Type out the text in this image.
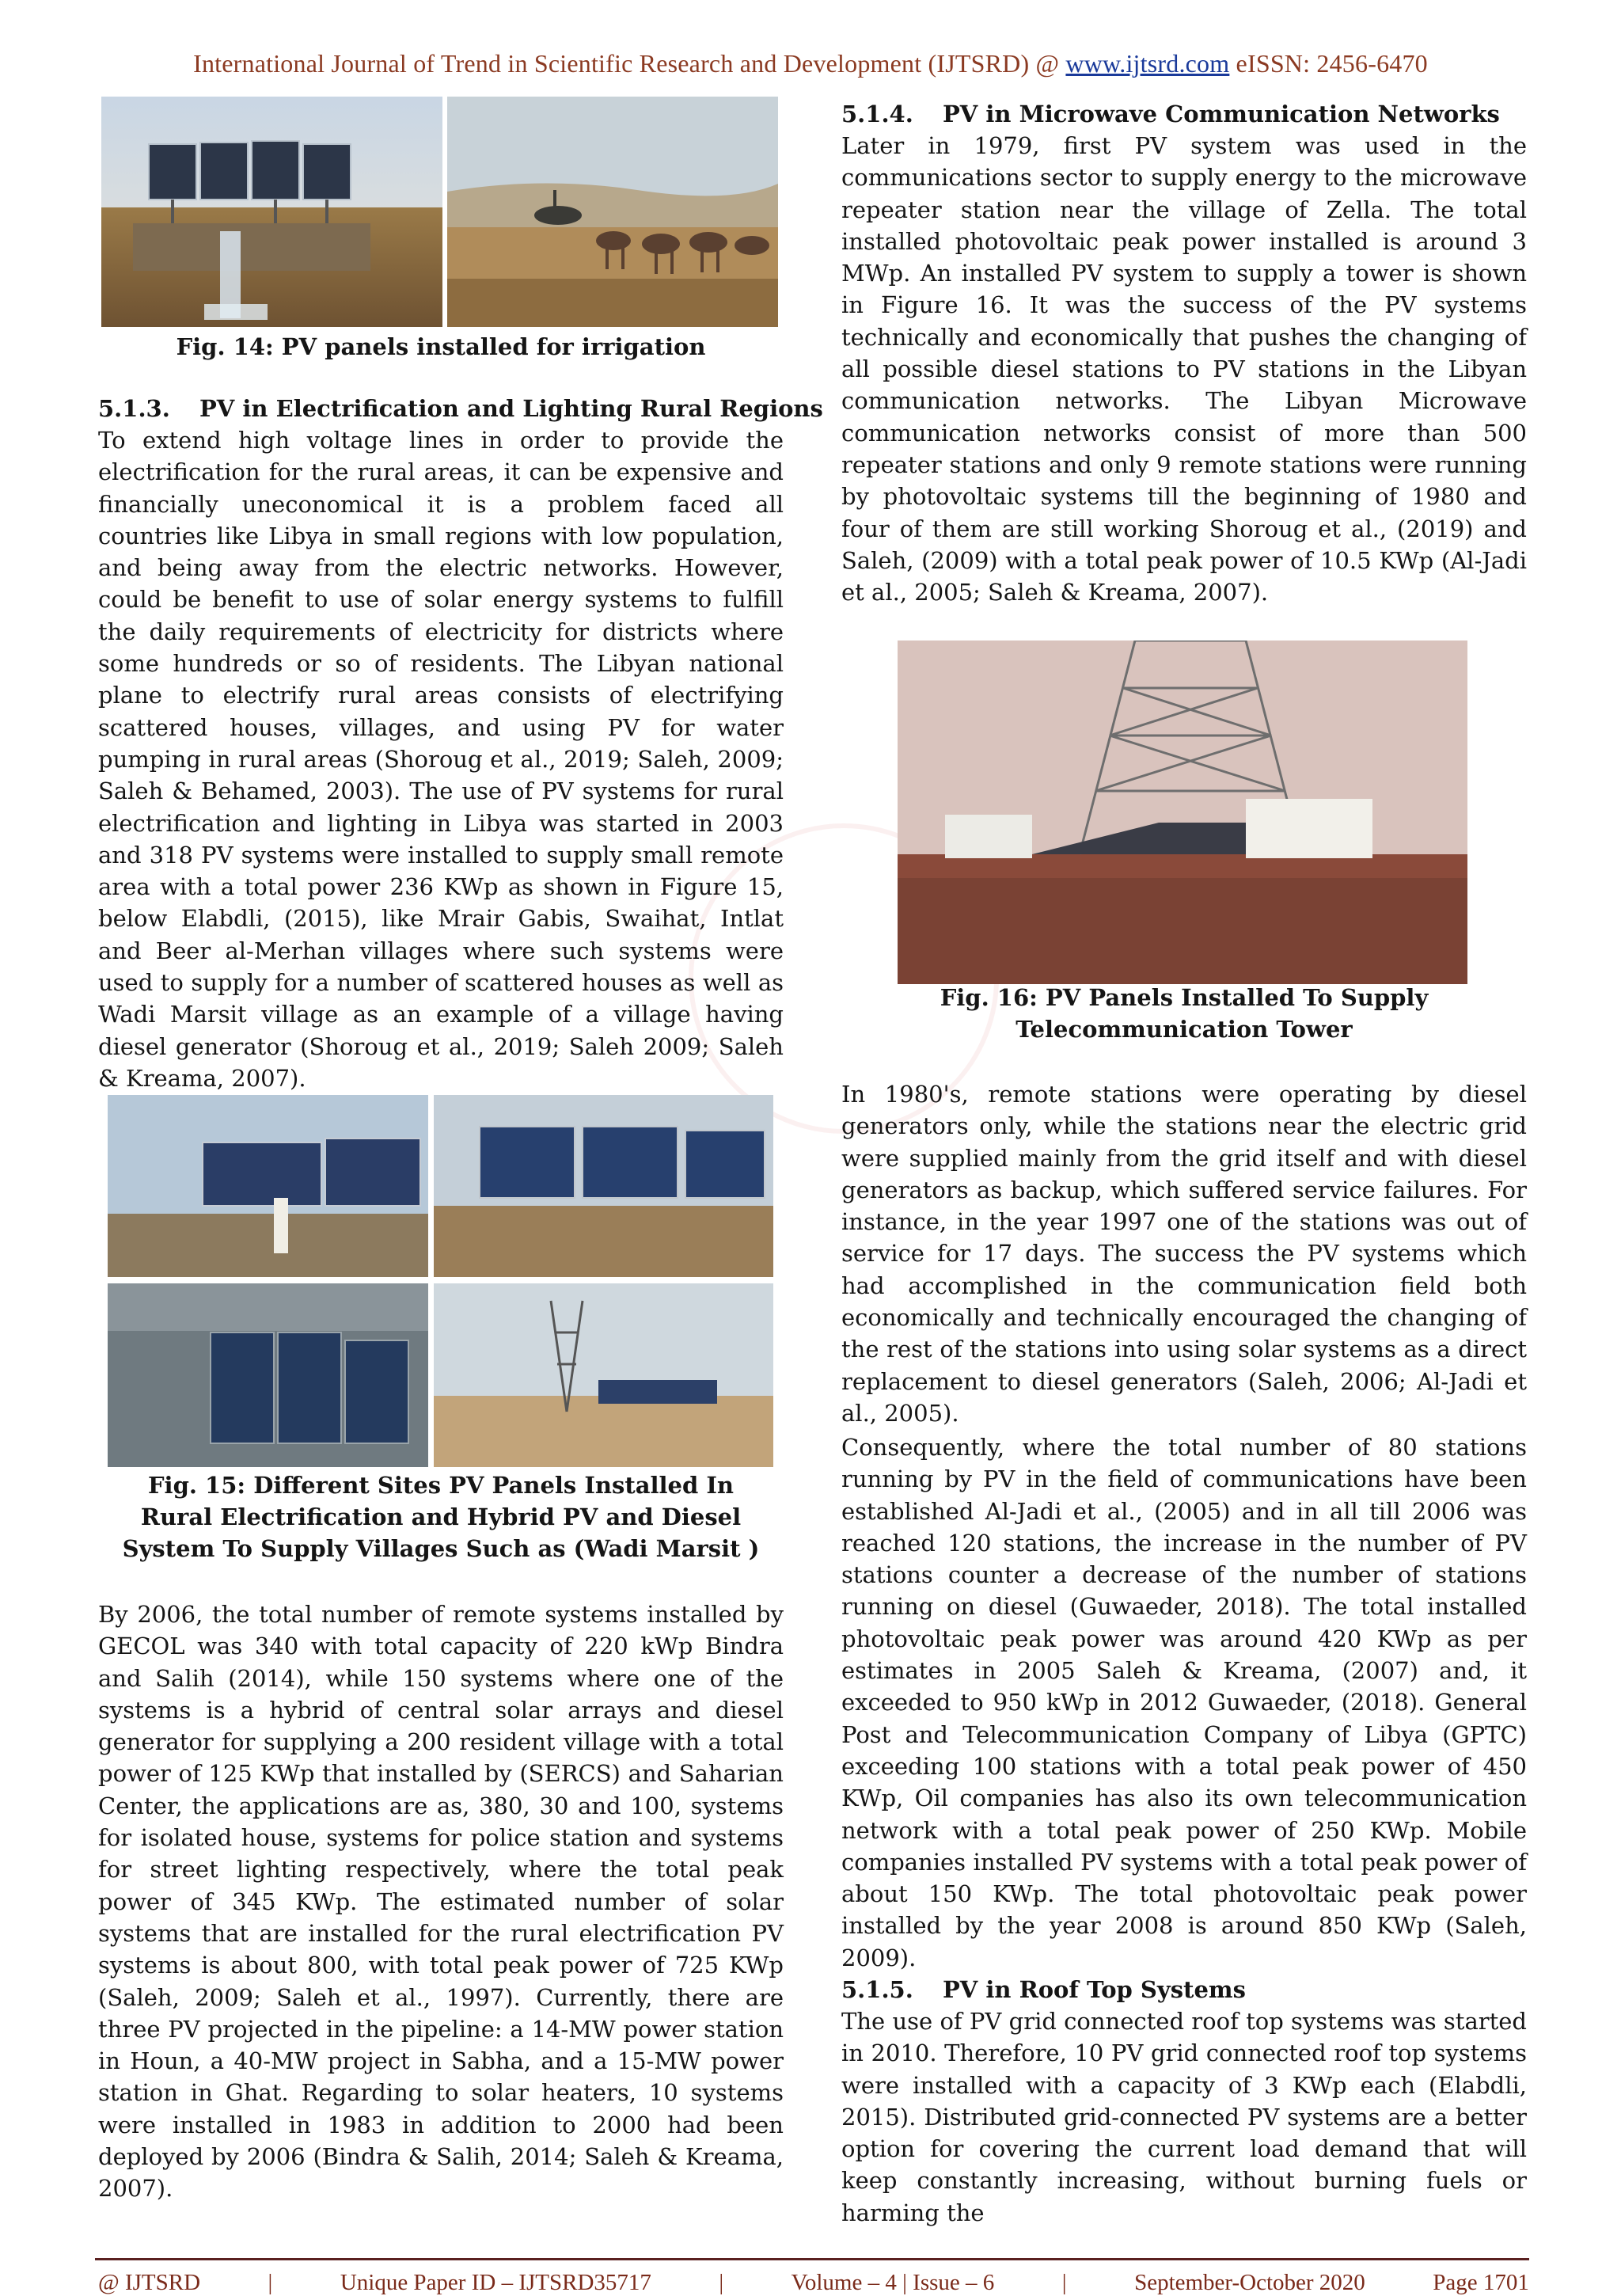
International Journal of Trend in Scientific Research and Development (IJTSRD) @ www.ijtsrd.com eISSN: 2456-6470
Fig. 14: PV panels installed for irrigation
5.1.3. PV in Electrification and Lighting Rural Regions

To extend high voltage lines in order to provide the electrification for the rural areas, it can be expensive and financially uneconomical it is a problem faced all countries like Libya in small regions with low population, and being away from the electric networks. However, could be benefit to use of solar energy systems to fulfill the daily requirements of electricity for districts where some hundreds or so of residents. The Libyan national plane to electrify rural areas consists of electrifying scattered houses, villages, and using PV for water pumping in rural areas (Shoroug et al., 2019; Saleh, 2009; Saleh & Behamed, 2003). The use of PV systems for rural electrification and lighting in Libya was started in 2003 and 318 PV systems were installed to supply small remote area with a total power 236 KWp as shown in Figure 15, below Elabdli, (2015), like Mrair Gabis, Swaihat, Intlat and Beer al-Merhan villages where such systems were used to supply for a number of scattered houses as well as Wadi Marsit village as an example of a village having diesel generator (Shoroug et al., 2019; Saleh 2009; Saleh & Kreama, 2007).

Fig. 15: Different Sites PV Panels Installed In Rural Electrification and Hybrid PV and Diesel System To Supply Villages Such as (Wadi Marsit )

By 2006, the total number of remote systems installed by GECOL was 340 with total capacity of 220 kWp Bindra and Salih (2014), while 150 systems where one of the systems is a hybrid of central solar arrays and diesel generator for supplying a 200 resident village with a total power of 125 KWp that installed by (SERCS) and Saharian Center, the applications are as, 380, 30 and 100, systems for isolated house, systems for police station and systems for street lighting respectively, where the total peak power of 345 KWp. The estimated number of solar systems that are installed for the rural electrification PV systems is about 800, with total peak power of 725 KWp (Saleh, 2009; Saleh et al., 1997). Currently, there are three PV projected in the pipeline: a 14-MW power station in Houn, a 40-MW project in Sabha, and a 15-MW power station in Ghat. Regarding to solar heaters, 10 systems were installed in 1983 in addition to 2000 had been deployed by 2006 (Bindra & Salih, 2014; Saleh & Kreama, 2007).

5.1.4. PV in Microwave Communication Networks

Later in 1979, first PV system was used in the communications sector to supply energy to the microwave repeater station near the village of Zella. The total installed photovoltaic peak power installed is around 3 MWp. An installed PV system to supply a tower is shown in Figure 16. It was the success of the PV systems technically and economically that pushes the changing of all possible diesel stations to PV stations in the Libyan communication networks. The Libyan Microwave communication networks consist of more than 500 repeater stations and only 9 remote stations were running by photovoltaic systems till the beginning of 1980 and four of them are still working Shoroug et al., (2019) and Saleh, (2009) with a total peak power of 10.5 KWp (Al-Jadi et al., 2005; Saleh & Kreama, 2007).

Fig. 16: PV Panels Installed To Supply
Telecommunication Tower

In 1980's, remote stations were operating by diesel generators only, while the stations near the electric grid were supplied mainly from the grid itself and with diesel generators as backup, which suffered service failures. For instance, in the year 1997 one of the stations was out of service for 17 days. The success the PV systems which had accomplished in the communication field both economically and technically encouraged the changing of the rest of the stations into using solar systems as a direct replacement to diesel generators (Saleh, 2006; Al-Jadi et al., 2005).

Consequently, where the total number of 80 stations running by PV in the field of communications have been established Al-Jadi et al., (2005) and in all till 2006 was reached 120 stations, the increase in the number of PV stations counter a decrease of the number of stations running on diesel (Guwaeder, 2018). The total installed photovoltaic peak power was around 420 KWp as per estimates in 2005 Saleh & Kreama, (2007) and, it exceeded to 950 kWp in 2012 Guwaeder, (2018). General Post and Telecommunication Company of Libya (GPTC) exceeding 100 stations with a total peak power of 450 KWp, Oil companies has also its own telecommunication network with a total peak power of 250 KWp. Mobile companies installed PV systems with a total peak power of about 150 KWp. The total photovoltaic peak power installed by the year 2008 is around 850 KWp (Saleh, 2009).

5.1.5. PV in Roof Top Systems

The use of PV grid connected roof top systems was started in 2010. Therefore, 10 PV grid connected roof top systems were installed with a capacity of 3 KWp each (Elabdli, 2015). Distributed grid-connected PV systems are a better option for covering the current load demand that will keep constantly increasing, without burning fuels or harming the

@ IJTSRD	|	Unique Paper ID – IJTSRD35717	|	Volume – 4 | Issue – 6	|	September-October 2020	Page 1701
